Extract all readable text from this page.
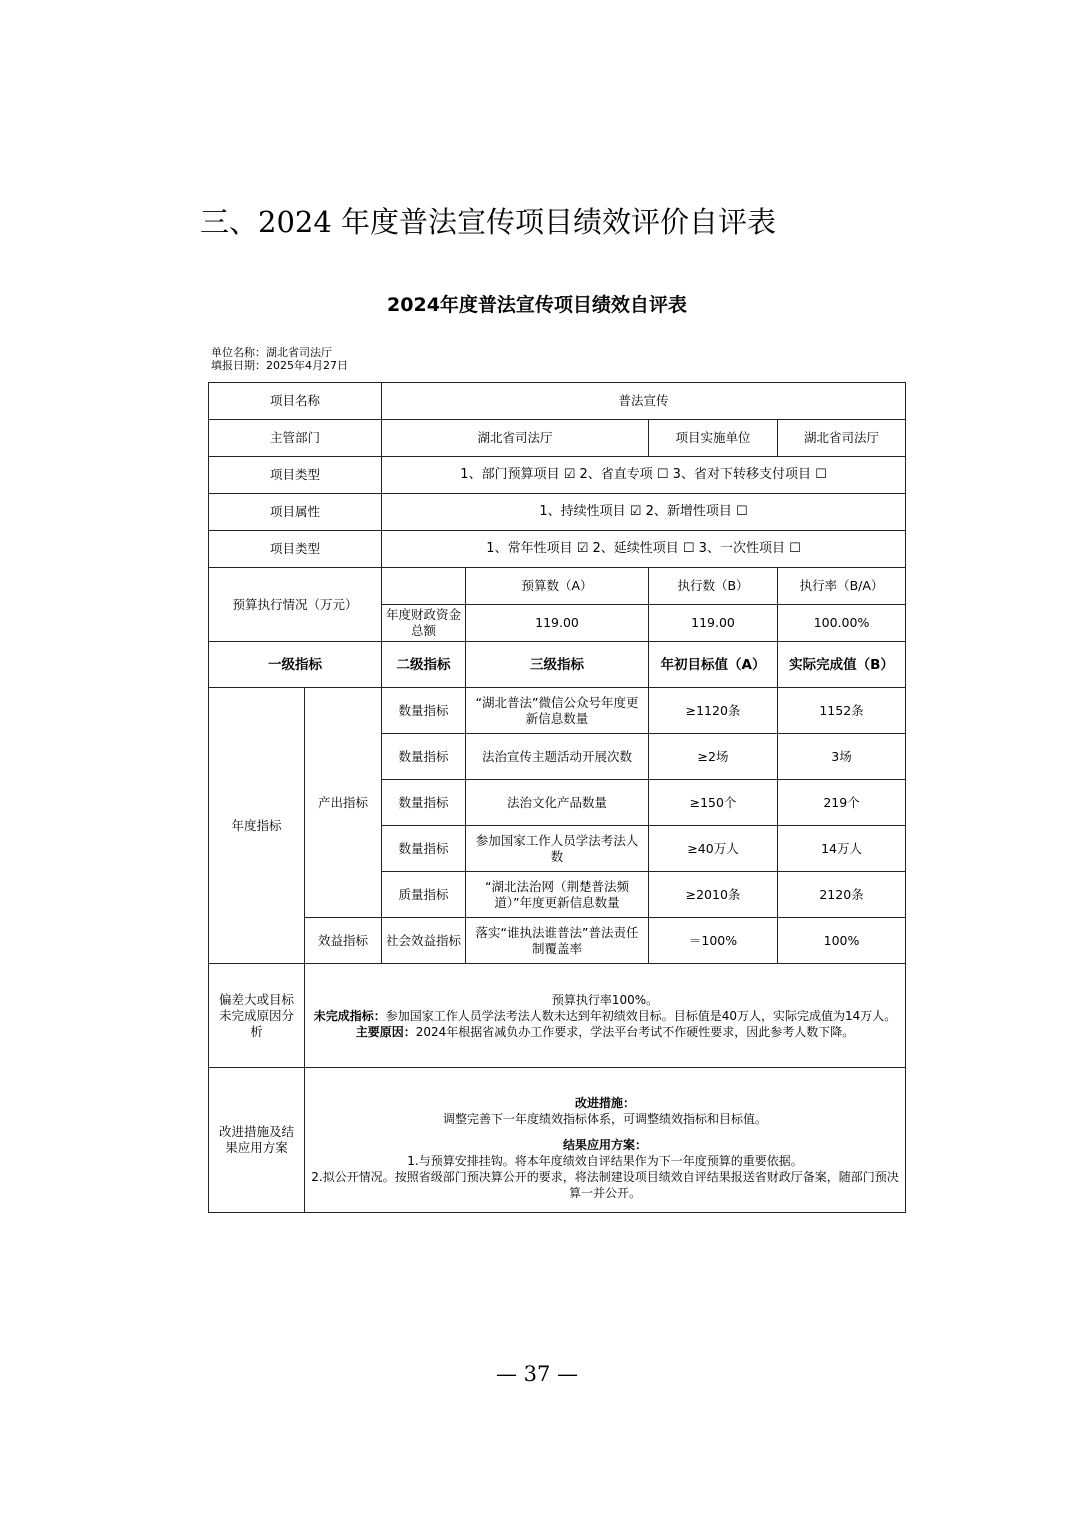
三、2024 年度普法宣传项目绩效评价自评表
2024年度普法宣传项目绩效自评表
单位名称：湖北省司法厅
填报日期：2025年4月27日
项目名称		普法宣传			
主管部门		湖北省司法厅		项目实施单位	湖北省司法厅
项目类型		1、部门预算项目 ☑ 2、省直专项 ☐ 3、省对下转移支付项目 ☐			
项目属性		1、持续性项目 ☑ 2、新增性项目 ☐			
项目类型		1、常年性项目 ☑ 2、延续性项目 ☐ 3、一次性项目 ☐			
预算执行情况（万元）			预算数（A）	执行数（B）	执行率（B/A）
		年度财政资金总额	119.00	119.00	100.00%
一级指标		二级指标	三级指标	年初目标值（A）	实际完成值（B）
年度指标	产出指标	数量指标	“湖北普法”微信公众号年度更新信息数量	≥1120条	1152条
		数量指标	法治宣传主题活动开展次数	≥2场	3场
		数量指标	法治文化产品数量	≥150个	219个
		数量指标	参加国家工作人员学法考法人数	≥40万人	14万人
		质量指标	“湖北法治网（荆楚普法频道）”年度更新信息数量	≥2010条	2120条
	效益指标	社会效益指标	落实“谁执法谁普法”普法责任制覆盖率	＝100%	100%
偏差大或目标未完成原因分析	预算执行率100%。
未完成指标：参加国家工作人员学法考法人数未达到年初绩效目标。目标值是40万人，实际完成值为14万人。
主要原因：2024年根据省减负办工作要求，学法平台考试不作硬性要求，因此参考人数下降。				

改进措施及结果应用方案	改进措施：
调整完善下一年度绩效指标体系，可调整绩效指标和目标值。
结果应用方案：
1.与预算安排挂钩。将本年度绩效自评结果作为下一年度预算的重要依据。
2.拟公开情况。按照省级部门预决算公开的要求，将法制建设项目绩效自评结果报送省财政厅备案，随部门预决算一并公开。				
— 37 —
